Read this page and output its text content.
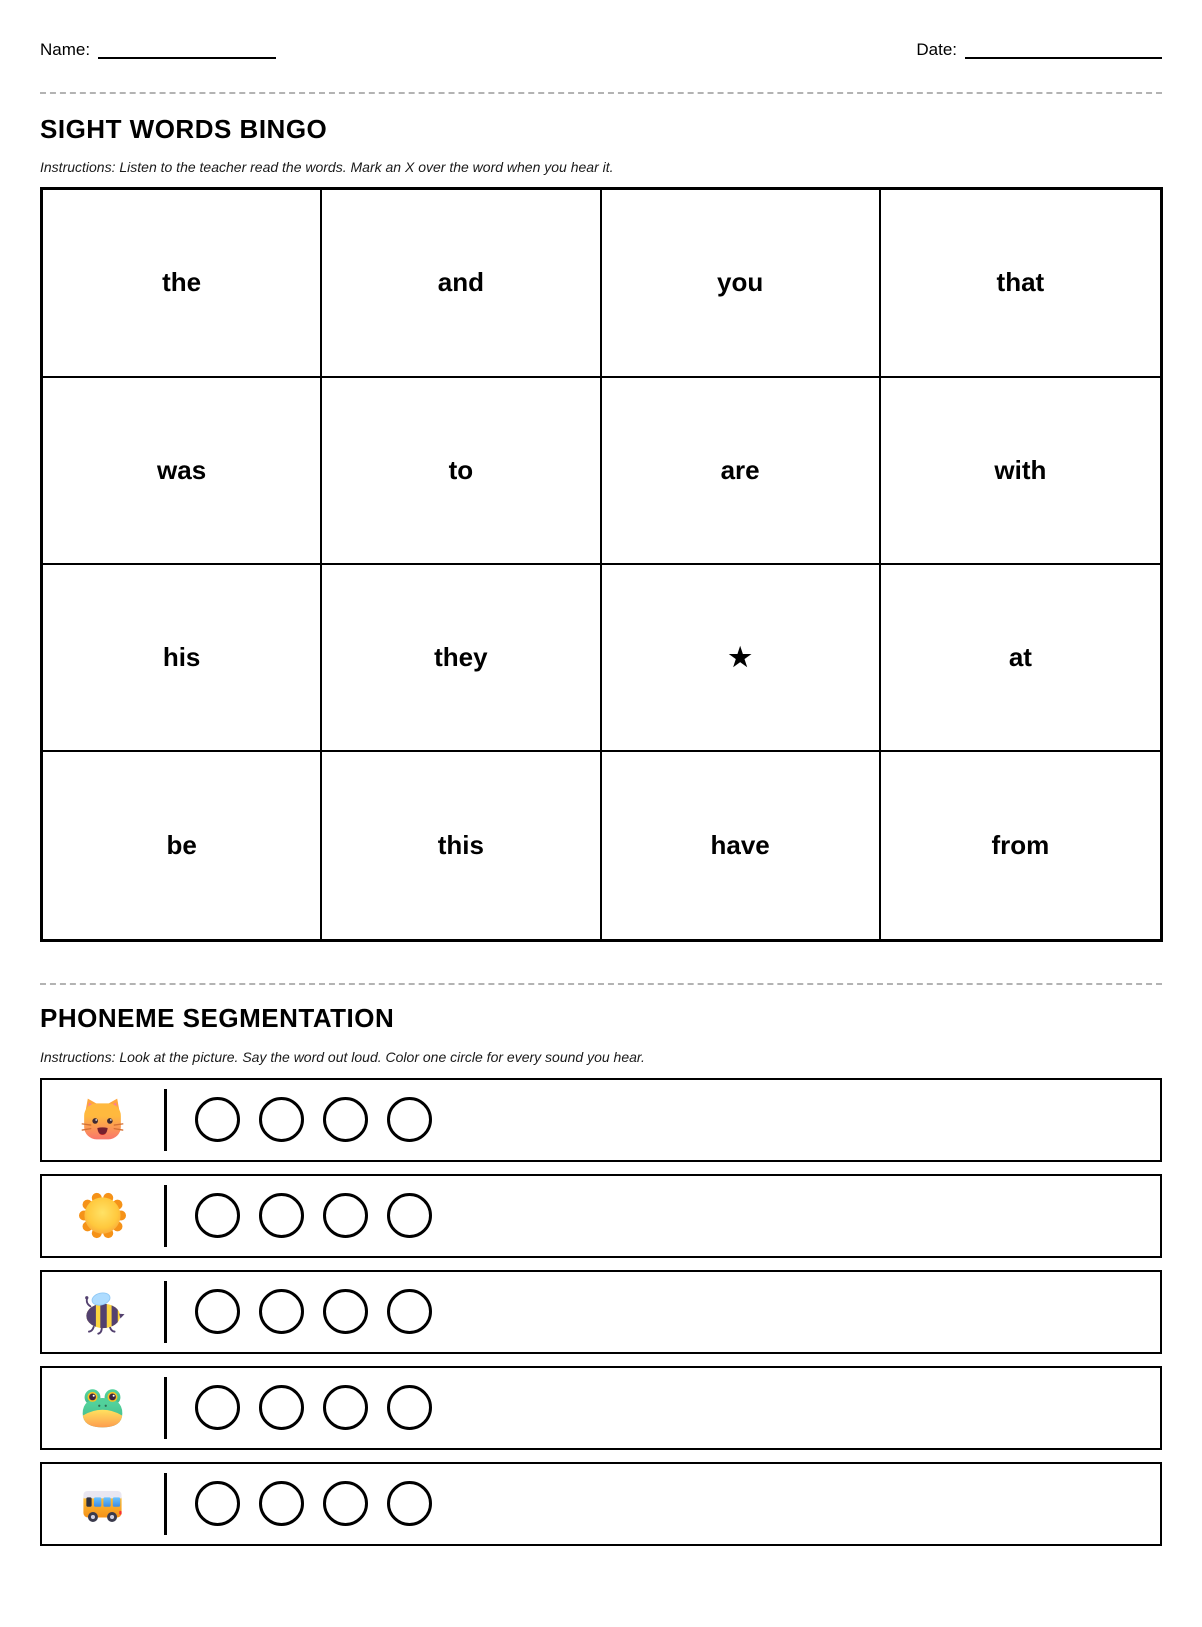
Name:	Date:
SIGHT WORDS BINGO

Instructions: Listen to the teacher read the words. Mark an X over the word when you hear it.

the	and	you	that
was	to	are	with
his	they	★	at
be	this	have	from
PHONEME SEGMENTATION

Instructions: Look at the picture. Say the word out loud. Color one circle for every sound you hear.
